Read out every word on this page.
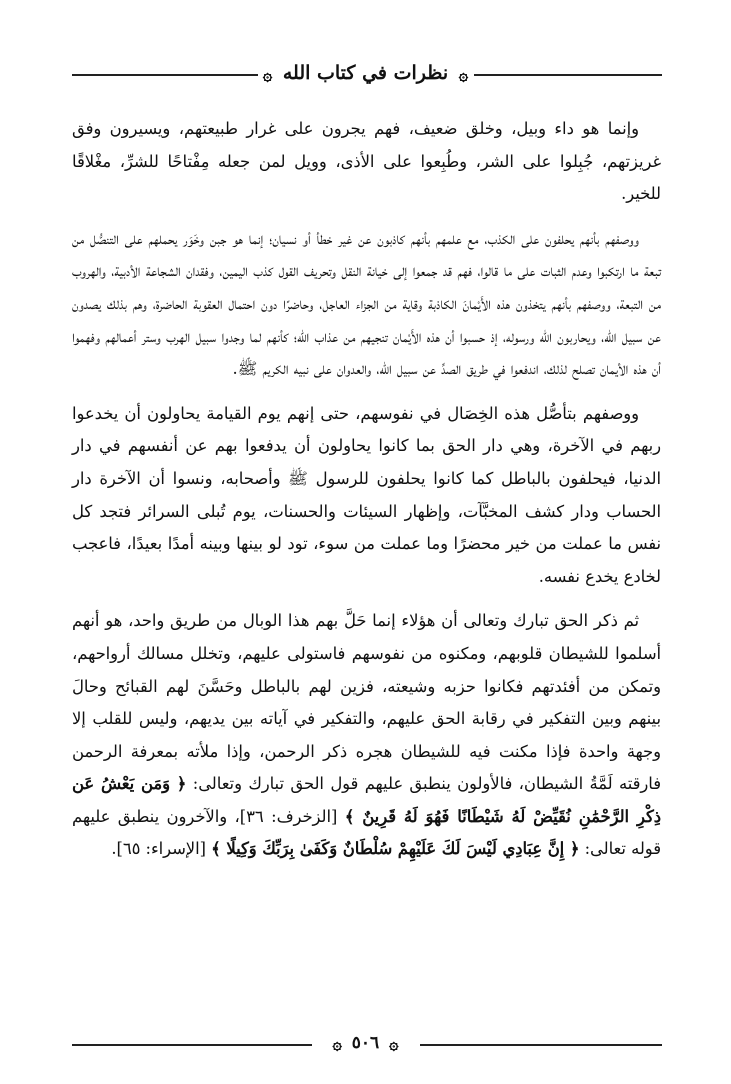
۞ نظرات في كتاب الله ۞

وإنما هو داء وبيل، وخلق ضعيف، فهم يجرون على غرار طبيعتهم، ويسيرون وفق غريزتهم، جُبِلوا على الشر، وطُبِعوا على الأذى، وويل لمن جعله مِفْتاحًا للشرِّ، مغْلاقًا للخير.

ووصفهم بأنهم يحلفون على الكذب، مع علمهم بأنهم كاذبون عن غير خطأ أو نسيان؛ إنما هو جبن وخَوَر يحملهم على التنصُّل من تبعة ما ارتكبوا وعدم الثبات على ما قالوا، فهم قد جمعوا إلى خيانة النقل وتحريف القول كذب اليمين، وفقدان الشجاعة الأدبية، والهروب من التبعة، ووصفهم بأنهم يتخذون هذه الأَيْمانَ الكاذبة وقاية من الجزاء العاجل، وحاضرًا دون احتمال العقوبة الحاضرة، وهم بذلك يصدون عن سبيل الله، ويحاربون الله ورسوله، إذ حسبوا أن هذه الأَيْمان تنجيهم من عذاب الله؛ كأنهم لما وجدوا سبيل الهرب وستر أعمالهم وفهموا أن هذه الأيمان تصلح لذلك، اندفعوا في طريق الصدِّ عن سبيل الله، والعدوان على نبيه الكريم ﷺ.

ووصفهم بتأصُّل هذه الخِصَال في نفوسهم، حتى إنهم يوم القيامة يحاولون أن يخدعوا ربهم في الآخرة، وهي دار الحق بما كانوا يحاولون أن يدفعوا بهم عن أنفسهم في دار الدنيا، فيحلفون بالباطل كما كانوا يحلفون للرسول ﷺ وأصحابه، ونسوا أن الآخرة دار الحساب ودار كشف المخبَّآت، وإظهار السيئات والحسنات، يوم تُبلى السرائر فتجد كل نفس ما عملت من خير محضرًا وما عملت من سوء، تود لو بينها وبينه أمدًا بعيدًا، فاعجب لخادع يخدع نفسه.

ثم ذكر الحق تبارك وتعالى أن هؤلاء إنما حَلَّ بهم هذا الوبال من طريق واحد، هو أنهم أسلموا للشيطان قلوبهم، ومكنوه من نفوسهم فاستولى عليهم، وتخلل مسالك أرواحهم، وتمكن من أفئدتهم فكانوا حزبه وشيعته، فزين لهم بالباطل وحَسَّنَ لهم القبائح وحالَ بينهم وبين التفكير في رقابة الحق عليهم، والتفكير في آياته بين يديهم، وليس للقلب إلا وجهة واحدة فإذا مكنت فيه للشيطان هجره ذكر الرحمن، وإذا ملأته بمعرفة الرحمن فارقته لَمَّةُ الشيطان، فالأولون ينطبق عليهم قول الحق تبارك وتعالى: ﴿ وَمَن يَعْشُ عَن ذِكْرِ الرَّحْمَٰنِ نُقَيِّضْ لَهُ شَيْطَانًا فَهُوَ لَهُ قَرِينٌ ﴾ [الزخرف: ٣٦]، والآخرون ينطبق عليهم قوله تعالى: ﴿ إِنَّ عِبَادِي لَيْسَ لَكَ عَلَيْهِمْ سُلْطَانٌ وَكَفَىٰ بِرَبِّكَ وَكِيلًا ﴾ [الإسراء: ٦٥].

۞ ٥٠٦ ۞
